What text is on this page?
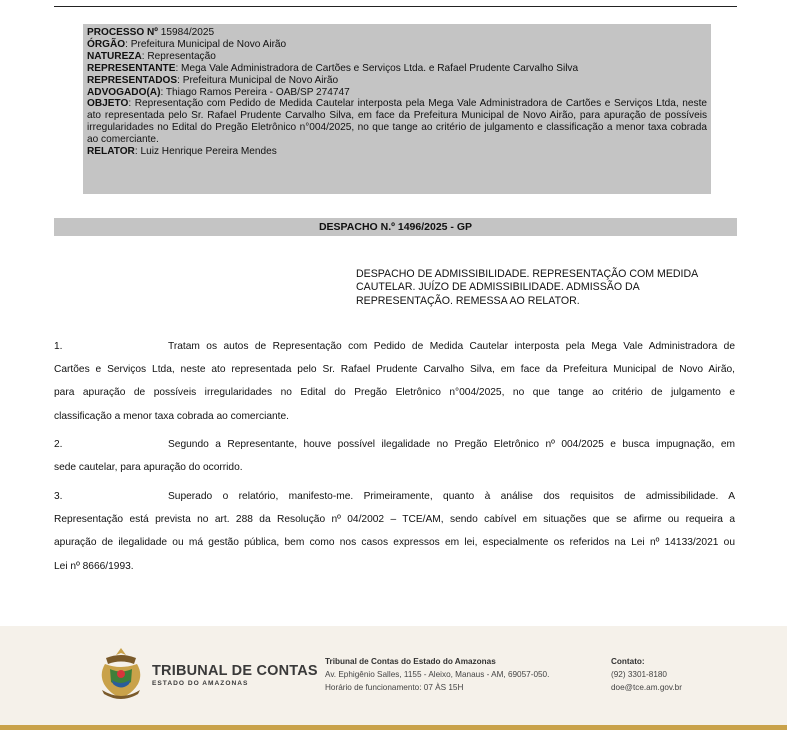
PROCESSO Nº 15984/2025

ÓRGÃO: Prefeitura Municipal de Novo Airão

NATUREZA: Representação

REPRESENTANTE: Mega Vale Administradora de Cartões e Serviços Ltda. e Rafael Prudente Carvalho Silva

REPRESENTADOS: Prefeitura Municipal de Novo Airão

ADVOGADO(A): Thiago Ramos Pereira - OAB/SP 274747

OBJETO: Representação com Pedido de Medida Cautelar interposta pela Mega Vale Administradora de Cartões e Serviços Ltda, neste ato representada pelo Sr. Rafael Prudente Carvalho Silva, em face da Prefeitura Municipal de Novo Airão, para apuração de possíveis irregularidades no Edital do Pregão Eletrônico n°004/2025, no que tange ao critério de julgamento e classificação a menor taxa cobrada ao comerciante.

RELATOR: Luiz Henrique Pereira Mendes

DESPACHO N.º 1496/2025 - GP
DESPACHO DE ADMISSIBILIDADE. REPRESENTAÇÃO COM MEDIDA
CAUTELAR. JUÍZO DE ADMISSIBILIDADE. ADMISSÃO DA
REPRESENTAÇÃO. REMESSA AO RELATOR.
1.	Tratam os autos de Representação com Pedido de Medida Cautelar interposta pela Mega Vale Administradora de
Cartões e Serviços Ltda, neste ato representada pelo Sr. Rafael Prudente Carvalho Silva, em face da Prefeitura Municipal de Novo Airão,
para apuração de possíveis irregularidades no Edital do Pregão Eletrônico n°004/2025, no que tange ao critério de julgamento e
classificação a menor taxa cobrada ao comerciante.
2.	Segundo a Representante, houve possível ilegalidade no Pregão Eletrônico nº 004/2025 e busca impugnação, em
sede cautelar, para apuração do ocorrido.
3.	Superado o relatório, manifesto-me. Primeiramente, quanto à análise dos requisitos de admissibilidade. A
Representação está prevista no art. 288 da Resolução nº 04/2002 – TCE/AM, sendo cabível em situações que se afirme ou requeira a
apuração de ilegalidade ou má gestão pública, bem como nos casos expressos em lei, especialmente os referidos na Lei nº 14133/2021 ou
Lei nº 8666/1993.
TRIBUNAL DE CONTAS
ESTADO DO AMAZONAS
Tribunal de Contas do Estado do Amazonas
Av. Ephigênio Salles, 1155 - Aleixo, Manaus - AM, 69057-050.
Horário de funcionamento: 07 ÀS 15H
Contato:
(92) 3301-8180
doe@tce.am.gov.br
